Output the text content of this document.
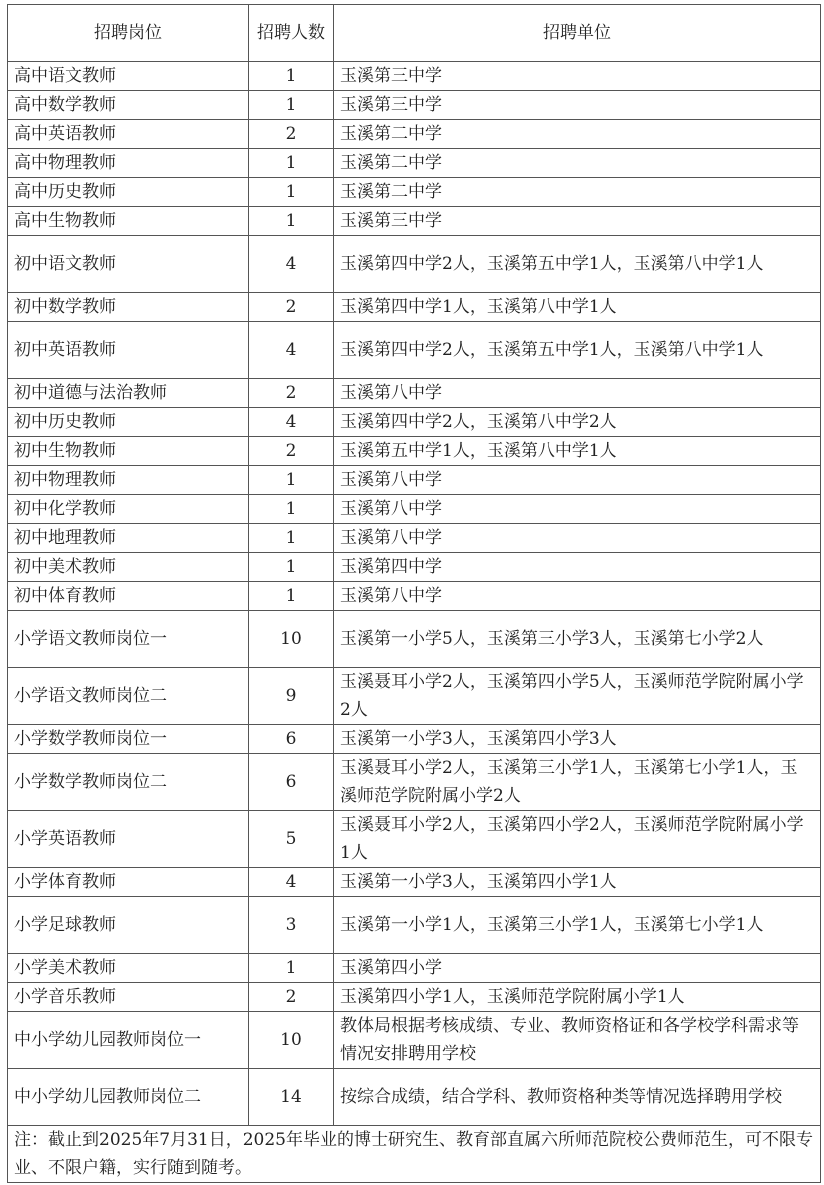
招聘岗位	招聘人数	招聘单位
高中语文教师	1	玉溪第三中学
高中数学教师	1	玉溪第三中学
高中英语教师	2	玉溪第二中学
高中物理教师	1	玉溪第二中学
高中历史教师	1	玉溪第二中学
高中生物教师	1	玉溪第三中学
初中语文教师	4	玉溪第四中学2人，玉溪第五中学1人，玉溪第八中学1人
初中数学教师	2	玉溪第四中学1人，玉溪第八中学1人
初中英语教师	4	玉溪第四中学2人，玉溪第五中学1人，玉溪第八中学1人
初中道德与法治教师	2	玉溪第八中学
初中历史教师	4	玉溪第四中学2人，玉溪第八中学2人
初中生物教师	2	玉溪第五中学1人，玉溪第八中学1人
初中物理教师	1	玉溪第八中学
初中化学教师	1	玉溪第八中学
初中地理教师	1	玉溪第八中学
初中美术教师	1	玉溪第四中学
初中体育教师	1	玉溪第八中学
小学语文教师岗位一	10	玉溪第一小学5人，玉溪第三小学3人，玉溪第七小学2人
小学语文教师岗位二	9	玉溪聂耳小学2人，玉溪第四小学5人，玉溪师范学院附属小学2人
小学数学教师岗位一	6	玉溪第一小学3人，玉溪第四小学3人
小学数学教师岗位二	6	玉溪聂耳小学2人，玉溪第三小学1人，玉溪第七小学1人，玉溪师范学院附属小学2人
小学英语教师	5	玉溪聂耳小学2人，玉溪第四小学2人，玉溪师范学院附属小学1人
小学体育教师	4	玉溪第一小学3人，玉溪第四小学1人
小学足球教师	3	玉溪第一小学1人，玉溪第三小学1人，玉溪第七小学1人
小学美术教师	1	玉溪第四小学
小学音乐教师	2	玉溪第四小学1人，玉溪师范学院附属小学1人
中小学幼儿园教师岗位一	10	教体局根据考核成绩、专业、教师资格证和各学校学科需求等情况安排聘用学校
中小学幼儿园教师岗位二	14	按综合成绩，结合学科、教师资格种类等情况选择聘用学校
注：截止到2025年7月31日，2025年毕业的博士研究生、教育部直属六所师范院校公费师范生，可不限专业、不限户籍，实行随到随考。		
